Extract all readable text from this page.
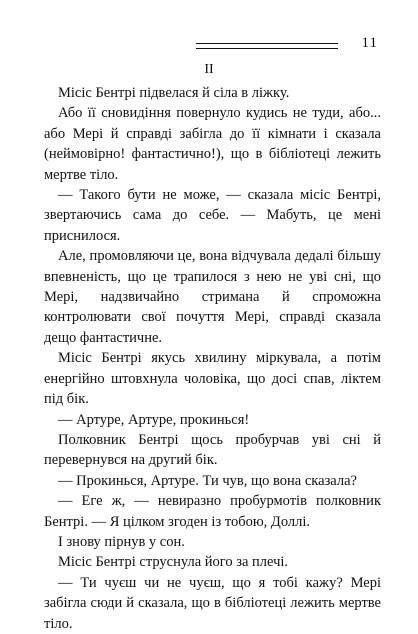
11
II

Місіс Бентрі підвелася й сіла в ліжку.

Або її сновидіння повернуло кудись не туди, або... або Мері й справді забігла до її кімнати і сказала (неймовірно! фантастично!), що в бібліотеці лежить мертве тіло.

— Такого бути не може, — сказала місіс Бентрі, звертаючись сама до себе. — Мабуть, це мені приснилося.

Але, промовляючи це, вона відчувала дедалі більшу впевненість, що це трапилося з нею не уві сні, що Мері, надзвичайно стримана й спроможна контролювати свої почуття Мері, справді сказала дещо фантастичне.

Місіс Бентрі якусь хвилину міркувала, а потім енергійно штовхнула чоловіка, що досі спав, ліктем під бік.

— Артуре, Артуре, прокинься!

Полковник Бентрі щось пробурчав уві сні й перевернувся на другий бік.

— Прокинься, Артуре. Ти чув, що вона сказала?

— Еге ж, — невиразно пробурмотів полковник Бентрі. — Я цілком згоден із тобою, Доллі.

І знову пірнув у сон.

Місіс Бентрі струснула його за плечі.

— Ти чуєш чи не чуєш, що я тобі кажу? Мері забігла сюди й сказала, що в бібліотеці лежить мертве тіло.
